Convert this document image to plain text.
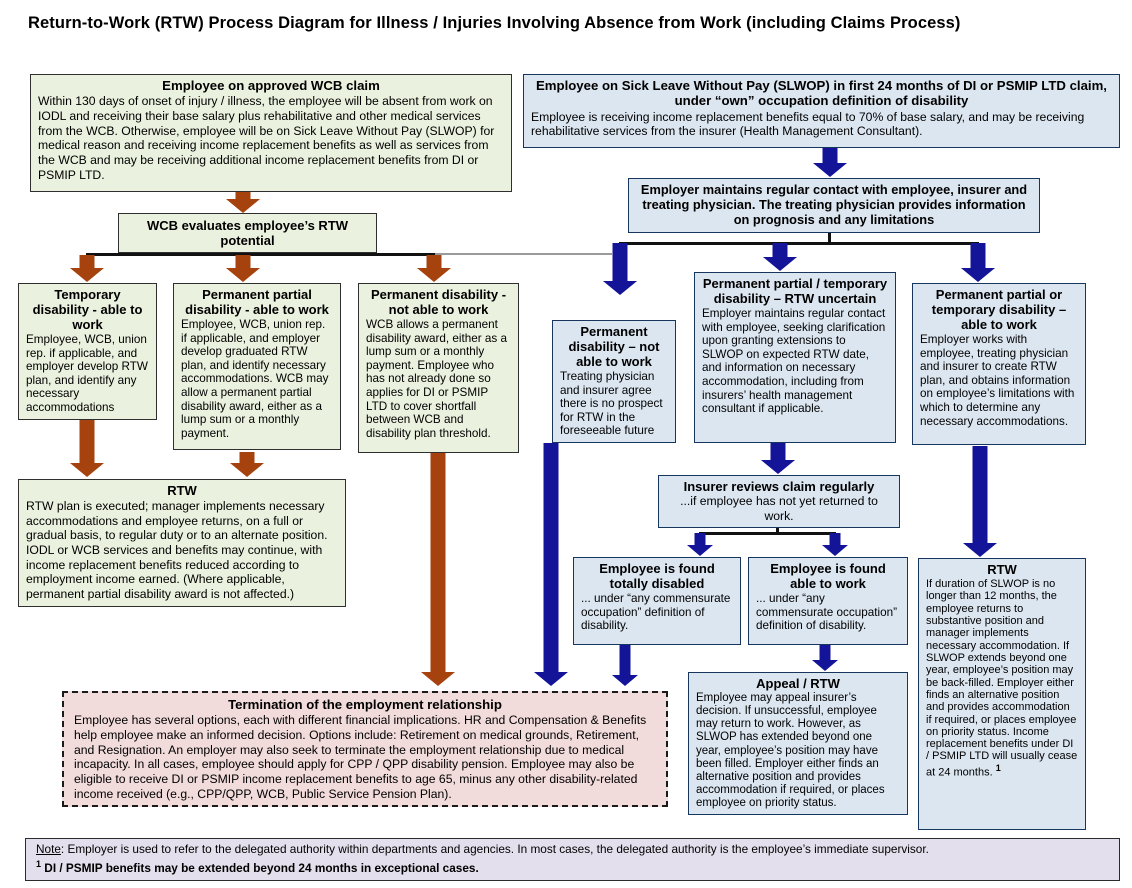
Return-to-Work (RTW) Process Diagram for Illness / Injuries Involving Absence from Work (including Claims Process)
Employee on approved WCB claim
Within 130 days of onset of injury / illness, the employee will be absent from work on IODL and receiving their base salary plus rehabilitative and other medical services from the WCB. Otherwise, employee will be on Sick Leave Without Pay (SLWOP) for medical reason and receiving income replacement benefits as well as services from the WCB and may be receiving additional income replacement benefits from DI or PSMIP LTD.
WCB evaluates employee’s RTW potential
Temporary disability - able to work
Employee, WCB, union rep. if applicable, and employer develop RTW plan, and identify any necessary accommodations
Permanent partial disability - able to work
Employee, WCB, union rep. if applicable, and employer develop graduated RTW plan, and identify necessary accommodations. WCB may allow a permanent partial disability award, either as a lump sum or a monthly payment.
Permanent disability - not able to work
WCB allows a permanent disability award, either as a lump sum or a monthly payment. Employee who has not already done so applies for DI or PSMIP LTD to cover shortfall between WCB and disability plan threshold.
RTW
RTW plan is executed; manager implements necessary accommodations and employee returns, on a full or gradual basis, to regular duty or to an alternate position. IODL or WCB services and benefits may continue, with income replacement benefits reduced according to employment income earned. (Where applicable, permanent partial disability award is not affected.)
Termination of the employment relationship
Employee has several options, each with different financial implications. HR and Compensation & Benefits help employee make an informed decision. Options include: Retirement on medical grounds, Retirement, and Resignation. An employer may also seek to terminate the employment relationship due to medical incapacity. In all cases, employee should apply for CPP / QPP disability pension. Employee may also be eligible to receive DI or PSMIP income replacement benefits to age 65, minus any other disability-related income received (e.g., CPP/QPP, WCB, Public Service Pension Plan).
Employee on Sick Leave Without Pay (SLWOP) in first 24 months of DI or PSMIP LTD claim, under “own” occupation definition of disability
Employee is receiving income replacement benefits equal to 70% of base salary, and may be receiving rehabilitative services from the insurer (Health Management Consultant).
Employer maintains regular contact with employee, insurer and treating physician. The treating physician provides information on prognosis and any limitations
Permanent disability – not able to work
Treating physician and insurer agree there is no prospect for RTW in the foreseeable future
Permanent partial / temporary disability – RTW uncertain
Employer maintains regular contact with employee, seeking clarification upon granting extensions to SLWOP on expected RTW date, and information on necessary accommodation, including from insurers’ health management consultant if applicable.
Permanent partial or temporary disability – able to work
Employer works with employee, treating physician and insurer to create RTW plan, and obtains information on employee’s limitations with which to determine any necessary accommodations.
Insurer reviews claim regularly
...if employee has not yet returned to work.
Employee is found totally disabled
... under “any commensurate occupation” definition of disability.
Employee is found able to work
... under “any commensurate occupation” definition of disability.
Appeal / RTW
Employee may appeal insurer’s decision. If unsuccessful, employee may return to work. However, as SLWOP has extended beyond one year, employee’s position may have been filled. Employer either finds an alternative position and provides accommodation if required, or places employee on priority status.
RTW
If duration of SLWOP is no longer than 12 months, the employee returns to substantive position and manager implements necessary accommodation. If SLWOP extends beyond one year, employee’s position may be back-filled. Employer either finds an alternative position and provides accommodation if required, or places employee on priority status. Income replacement benefits under DI / PSMIP LTD will usually cease at 24 months. $^1$
Note: Employer is used to refer to the delegated authority within departments and agencies. In most cases, the delegated authority is the employee’s immediate supervisor.
$^1$ DI / PSMIP benefits may be extended beyond 24 months in exceptional cases.
